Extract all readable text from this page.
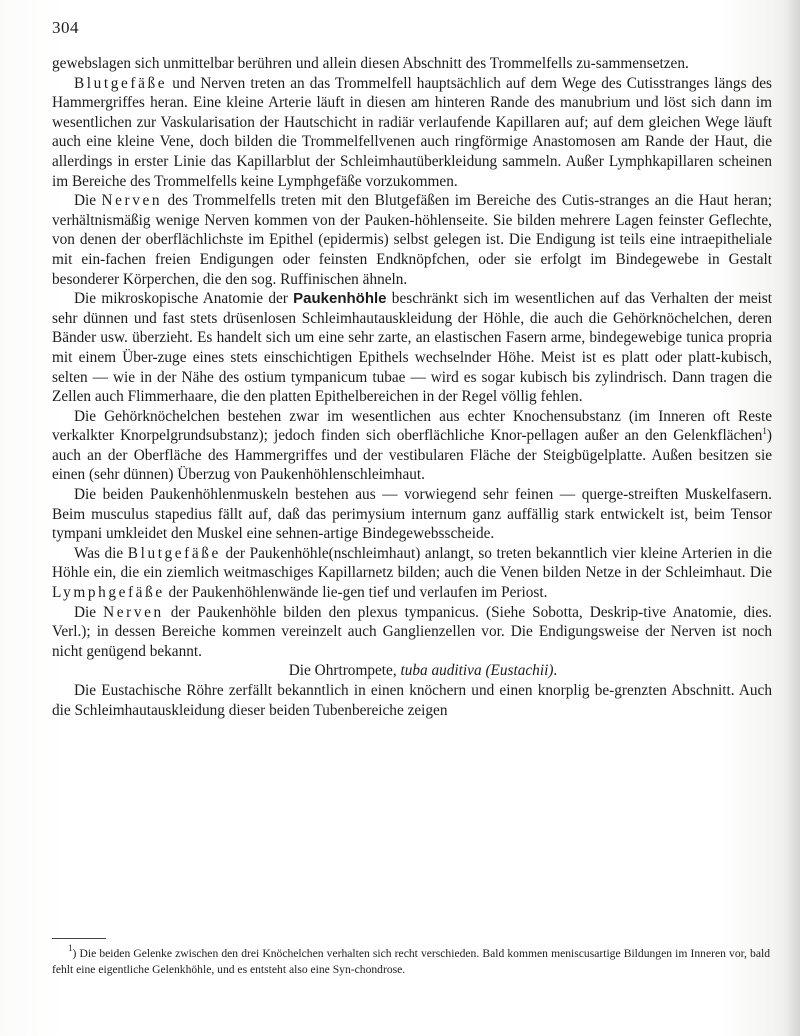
304

gewebslagen sich unmittelbar berühren und allein diesen Abschnitt des Trommelfells zu-sammensetzen.

Blutgefäße und Nerven treten an das Trommelfell hauptsächlich auf dem Wege des Cutisstranges längs des Hammergriffes heran. Eine kleine Arterie läuft in diesen am hinteren Rande des manubrium und löst sich dann im wesentlichen zur Vaskularisation der Hautschicht in radiär verlaufende Kapillaren auf; auf dem gleichen Wege läuft auch eine kleine Vene, doch bilden die Trommelfellvenen auch ringförmige Anastomosen am Rande der Haut, die allerdings in erster Linie das Kapillarblut der Schleimhautüberkleidung sammeln. Außer Lymphkapillaren scheinen im Bereiche des Trommelfells keine Lymphgefäße vorzukommen.

Die Nerven des Trommelfells treten mit den Blutgefäßen im Bereiche des Cutis-stranges an die Haut heran; verhältnismäßig wenige Nerven kommen von der Pauken-höhlenseite. Sie bilden mehrere Lagen feinster Geflechte, von denen der oberflächlichste im Epithel (epidermis) selbst gelegen ist. Die Endigung ist teils eine intraepitheliale mit ein-fachen freien Endigungen oder feinsten Endknöpfchen, oder sie erfolgt im Bindegewebe in Gestalt besonderer Körperchen, die den sog. Ruffinischen ähneln.

Die mikroskopische Anatomie der Paukenhöhle beschränkt sich im wesentlichen auf das Verhalten der meist sehr dünnen und fast stets drüsenlosen Schleimhautauskleidung der Höhle, die auch die Gehörknöchelchen, deren Bänder usw. überzieht. Es handelt sich um eine sehr zarte, an elastischen Fasern arme, bindegewebige tunica propria mit einem Über-zuge eines stets einschichtigen Epithels wechselnder Höhe. Meist ist es platt oder platt-kubisch, selten — wie in der Nähe des ostium tympanicum tubae — wird es sogar kubisch bis zylindrisch. Dann tragen die Zellen auch Flimmerhaare, die den platten Epithelbereichen in der Regel völlig fehlen.

Die Gehörknöchelchen bestehen zwar im wesentlichen aus echter Knochensubstanz (im Inneren oft Reste verkalkter Knorpelgrundsubstanz); jedoch finden sich oberflächliche Knor-pellagen außer an den Gelenkflächen$^1$) auch an der Oberfläche des Hammergriffes und der vestibularen Fläche der Steigbügelplatte. Außen besitzen sie einen (sehr dünnen) Überzug von Paukenhöhlenschleimhaut.

Die beiden Paukenhöhlenmuskeln bestehen aus — vorwiegend sehr feinen — querge-streiften Muskelfasern. Beim musculus stapedius fällt auf, daß das perimysium internum ganz auffällig stark entwickelt ist, beim Tensor tympani umkleidet den Muskel eine sehnen-artige Bindegewebsscheide.

Was die Blutgefäße der Paukenhöhle(nschleimhaut) anlangt, so treten bekanntlich vier kleine Arterien in die Höhle ein, die ein ziemlich weitmaschiges Kapillarnetz bilden; auch die Venen bilden Netze in der Schleimhaut. Die Lymphgefäße der Paukenhöhlenwände lie-gen tief und verlaufen im Periost.

Die Nerven der Paukenhöhle bilden den plexus tympanicus. (Siehe Sobotta, Deskrip-tive Anatomie, dies. Verl.); in dessen Bereiche kommen vereinzelt auch Ganglienzellen vor. Die Endigungsweise der Nerven ist noch nicht genügend bekannt.

Die Ohrtrompete, tuba auditiva (Eustachii).

Die Eustachische Röhre zerfällt bekanntlich in einen knöchern und einen knorplig be-grenzten Abschnitt. Auch die Schleimhautauskleidung dieser beiden Tubenbereiche zeigen

$^1$) Die beiden Gelenke zwischen den drei Knöchelchen verhalten sich recht verschieden. Bald kommen meniscusartige Bildungen im Inneren vor, bald fehlt eine eigentliche Gelenkhöhle, und es entsteht also eine Syn-chondrose.
